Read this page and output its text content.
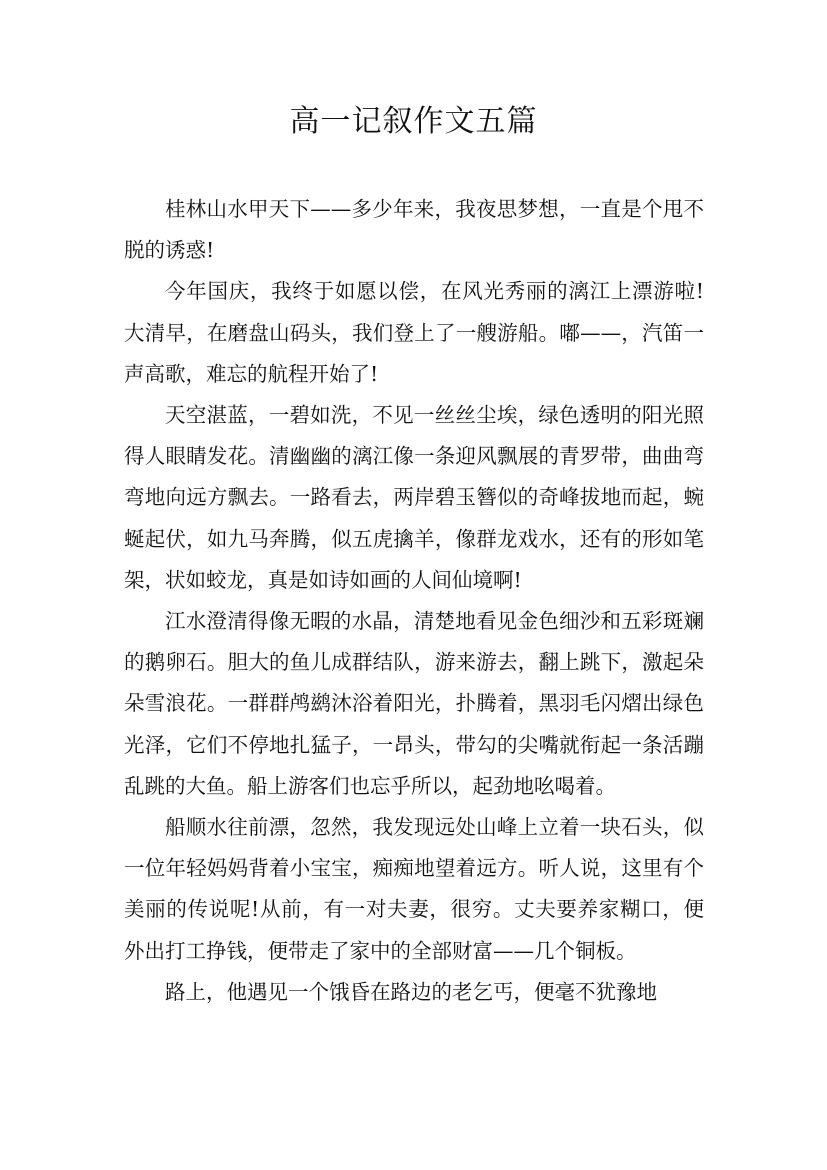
高一记叙作文五篇

桂林山水甲天下——多少年来，我夜思梦想，一直是个甩不脱的诱惑!

今年国庆，我终于如愿以偿，在风光秀丽的漓江上漂游啦!大清早，在磨盘山码头，我们登上了一艘游船。嘟——，汽笛一声高歌，难忘的航程开始了!

天空湛蓝，一碧如洗，不见一丝丝尘埃，绿色透明的阳光照得人眼睛发花。清幽幽的漓江像一条迎风飘展的青罗带，曲曲弯弯地向远方飘去。一路看去，两岸碧玉簪似的奇峰拔地而起，蜿蜒起伏，如九马奔腾，似五虎擒羊，像群龙戏水，还有的形如笔架，状如蛟龙，真是如诗如画的人间仙境啊!

江水澄清得像无暇的水晶，清楚地看见金色细沙和五彩斑斓的鹅卵石。胆大的鱼儿成群结队，游来游去，翻上跳下，激起朵朵雪浪花。一群群鸬鹚沐浴着阳光，扑腾着，黑羽毛闪熠出绿色光泽，它们不停地扎猛子，一昂头，带勾的尖嘴就衔起一条活蹦乱跳的大鱼。船上游客们也忘乎所以，起劲地吆喝着。

船顺水往前漂，忽然，我发现远处山峰上立着一块石头，似一位年轻妈妈背着小宝宝，痴痴地望着远方。听人说，这里有个美丽的传说呢!从前，有一对夫妻，很穷。丈夫要养家糊口，便外出打工挣钱，便带走了家中的全部财富——几个铜板。

路上，他遇见一个饿昏在路边的老乞丐，便毫不犹豫地
